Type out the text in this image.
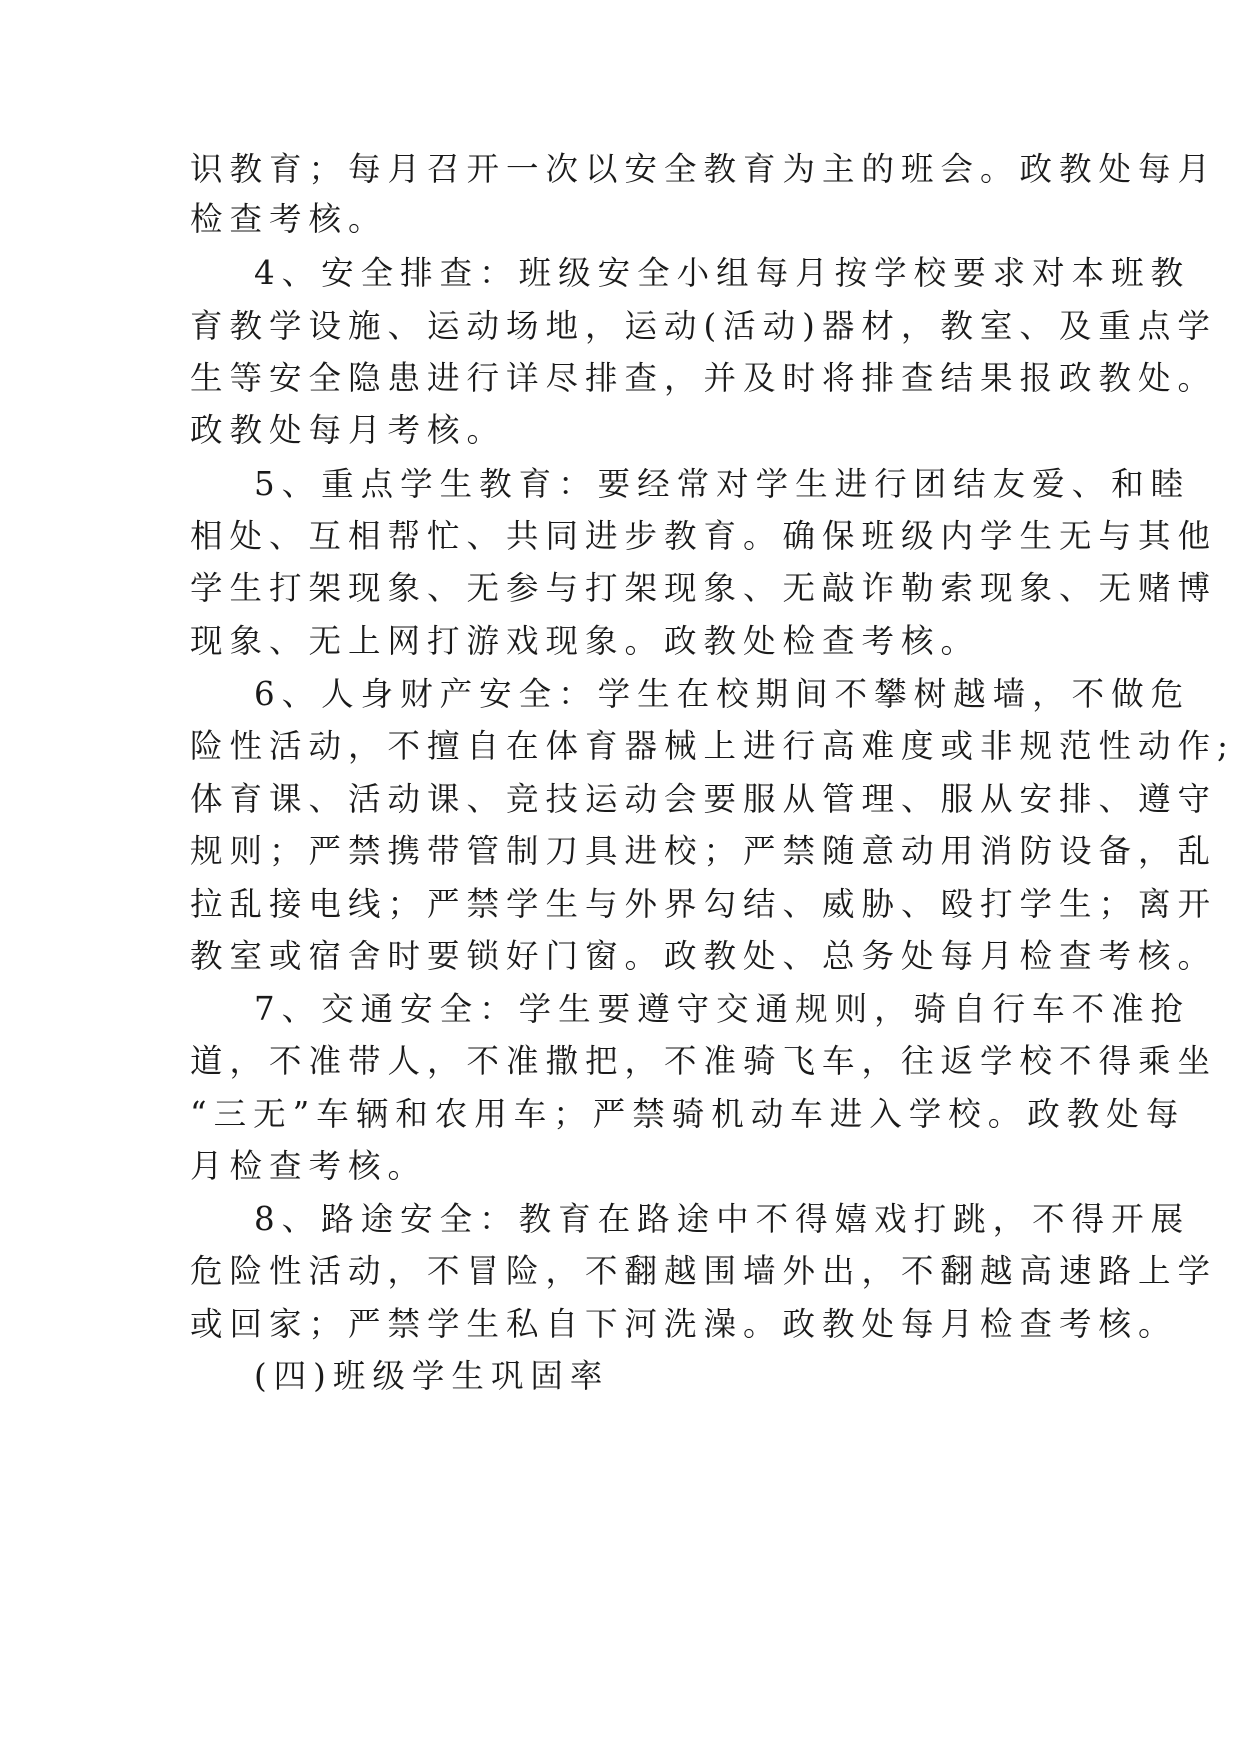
识教育；每月召开一次以安全教育为主的班会。政教处每月
检查考核。
4、安全排查：班级安全小组每月按学校要求对本班教
育教学设施、运动场地，运动(活动)器材，教室、及重点学
生等安全隐患进行详尽排查，并及时将排查结果报政教处。
政教处每月考核。
5、重点学生教育：要经常对学生进行团结友爱、和睦
相处、互相帮忙、共同进步教育。确保班级内学生无与其他
学生打架现象、无参与打架现象、无敲诈勒索现象、无赌博
现象、无上网打游戏现象。政教处检查考核。
6、人身财产安全：学生在校期间不攀树越墙，不做危
险性活动，不擅自在体育器械上进行高难度或非规范性动作;
体育课、活动课、竞技运动会要服从管理、服从安排、遵守
规则；严禁携带管制刀具进校；严禁随意动用消防设备，乱
拉乱接电线；严禁学生与外界勾结、威胁、殴打学生；离开
教室或宿舍时要锁好门窗。政教处、总务处每月检查考核。
7、交通安全：学生要遵守交通规则，骑自行车不准抢
道，不准带人，不准撒把，不准骑飞车，往返学校不得乘坐
“三无”车辆和农用车；严禁骑机动车进入学校。政教处每
月检查考核。
8、路途安全：教育在路途中不得嬉戏打跳，不得开展
危险性活动，不冒险，不翻越围墙外出，不翻越高速路上学
或回家；严禁学生私自下河洗澡。政教处每月检查考核。
(四)班级学生巩固率
